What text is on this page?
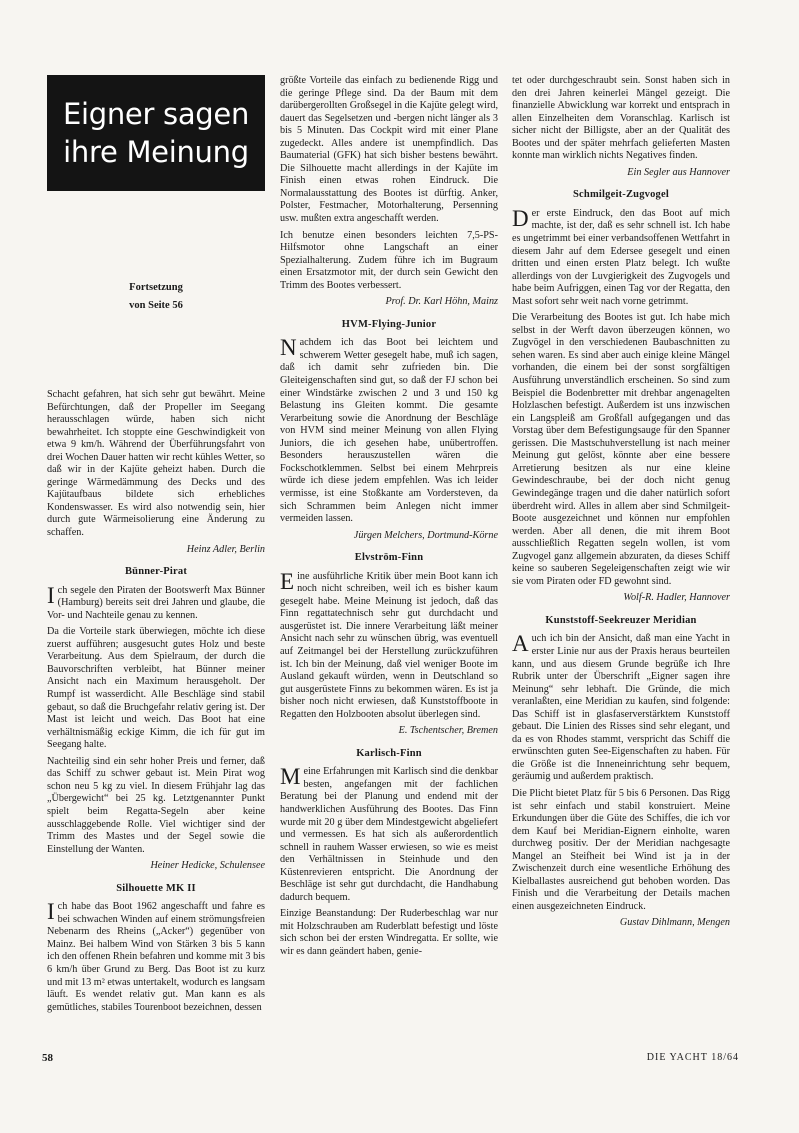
Eigner sagen
ihre Meinung
Fortsetzung
von Seite 56

Schacht gefahren, hat sich sehr gut bewährt. Meine Befürchtungen, daß der Propeller im Seegang herausschlagen würde, haben sich nicht bewahrheitet. Ich stoppte eine Geschwindigkeit von etwa 9 km/h. Während der Überführungsfahrt von drei Wochen Dauer hatten wir recht kühles Wetter, so daß wir in der Kajüte geheizt haben. Durch die geringe Wärmedämmung des Decks und des Kajütaufbaus bildete sich erhebliches Kondenswasser. Es wird also notwendig sein, hier durch gute Wärmeisolierung eine Änderung zu schaffen.

Heinz Adler, Berlin
Bünner-Pirat

Ich segele den Piraten der Bootswerft Max Bünner (Hamburg) bereits seit drei Jahren und glaube, die Vor- und Nachteile genau zu kennen.

Da die Vorteile stark überwiegen, möchte ich diese zuerst aufführen; ausgesucht gutes Holz und beste Verarbeitung. Aus dem Spielraum, der durch die Bauvorschriften verbleibt, hat Bünner meiner Ansicht nach ein Maximum herausgeholt. Der Rumpf ist wasserdicht. Alle Beschläge sind stabil gebaut, so daß die Bruchgefahr relativ gering ist. Der Mast ist leicht und weich. Das Boot hat eine verhältnismäßig eckige Kimm, die ich für gut im Seegang halte.

Nachteilig sind ein sehr hoher Preis und ferner, daß das Schiff zu schwer gebaut ist. Mein Pirat wog schon neu 5 kg zu viel. In diesem Frühjahr lag das „Übergewicht“ bei 25 kg. Letztgenannter Punkt spielt beim Regatta-Segeln aber keine ausschlaggebende Rolle. Viel wichtiger sind der Trimm des Mastes und der Segel sowie die Einstellung der Wanten.

Heiner Hedicke, Schulensee
Silhouette MK II

Ich habe das Boot 1962 angeschafft und fahre es bei schwachen Winden auf einem strömungsfreien Nebenarm des Rheins („Acker“) gegenüber von Mainz. Bei halbem Wind von Stärken 3 bis 5 kann ich den offenen Rhein befahren und komme mit 3 bis 6 km/h über Grund zu Berg. Das Boot ist zu kurz und mit 13 m² etwas untertakelt, wodurch es langsam läuft. Es wendet relativ gut. Man kann es als gemütliches, stabiles Tourenboot bezeichnen, dessen

größte Vorteile das einfach zu bedienende Rigg und die geringe Pflege sind. Da der Baum mit dem darübergerollten Großsegel in die Kajüte gelegt wird, dauert das Segelsetzen und -bergen nicht länger als 3 bis 5 Minuten. Das Cockpit wird mit einer Plane zugedeckt. Alles andere ist unempfindlich. Das Baumaterial (GFK) hat sich bisher bestens bewährt. Die Silhouette macht allerdings in der Kajüte im Finish einen etwas rohen Eindruck. Die Normalausstattung des Bootes ist dürftig. Anker, Polster, Festmacher, Motorhalterung, Persenning usw. mußten extra angeschafft werden.

Ich benutze einen besonders leichten 7,5-PS-Hilfsmotor ohne Langschaft an einer Spezialhalterung. Zudem führe ich im Bugraum einen Ersatzmotor mit, der durch sein Gewicht den Trimm des Bootes verbessert.

Prof. Dr. Karl Höhn, Mainz
HVM-Flying-Junior

Nachdem ich das Boot bei leichtem und schwerem Wetter gesegelt habe, muß ich sagen, daß ich damit sehr zufrieden bin. Die Gleiteigenschaften sind gut, so daß der FJ schon bei einer Windstärke zwischen 2 und 3 und 150 kg Belastung ins Gleiten kommt. Die gesamte Verarbeitung sowie die Anordnung der Beschläge von HVM sind meiner Meinung von allen Flying Juniors, die ich gesehen habe, unübertroffen. Besonders herauszustellen wären die Fockschotklemmen. Selbst bei einem Mehrpreis würde ich diese jedem empfehlen. Was ich leider vermisse, ist eine Stoßkante am Vordersteven, da sich Schrammen beim Anlegen nicht immer vermeiden lassen.

Jürgen Melchers, Dortmund-Körne
Elvström-Finn

Eine ausführliche Kritik über mein Boot kann ich noch nicht schreiben, weil ich es bisher kaum gesegelt habe. Meine Meinung ist jedoch, daß das Finn regattatechnisch sehr gut durchdacht und ausgerüstet ist. Die innere Verarbeitung läßt meiner Ansicht nach sehr zu wünschen übrig, was eventuell auf Zeitmangel bei der Herstellung zurückzuführen ist. Ich bin der Meinung, daß viel weniger Boote im Ausland gekauft würden, wenn in Deutschland so gut ausgerüstete Finns zu bekommen wären. Es ist ja bisher noch nicht erwiesen, daß Kunststoffboote in Regatten den Holzbooten absolut überlegen sind.

E. Tschentscher, Bremen
Karlisch-Finn

Meine Erfahrungen mit Karlisch sind die denkbar besten, angefangen mit der fachlichen Beratung bei der Planung und endend mit der handwerklichen Ausführung des Bootes. Das Finn wurde mit 20 g über dem Mindestgewicht abgeliefert und vermessen. Es hat sich als außerordentlich schnell in rauhem Wasser erwiesen, so wie es meist den Verhältnissen in Steinhude und den Küstenrevieren entspricht. Die Anordnung der Beschläge ist sehr gut durchdacht, die Handhabung dadurch bequem.

Einzige Beanstandung: Der Ruderbeschlag war nur mit Holzschrauben am Ruderblatt befestigt und löste sich schon bei der ersten Windregatta. Er sollte, wie wir es dann geändert haben, genie-

tet oder durchgeschraubt sein. Sonst haben sich in den drei Jahren keinerlei Mängel gezeigt. Die finanzielle Abwicklung war korrekt und entsprach in allen Einzelheiten dem Voranschlag. Karlisch ist sicher nicht der Billigste, aber an der Qualität des Bootes und der später mehrfach gelieferten Masten konnte man wirklich nichts Negatives finden.

Ein Segler aus Hannover
Schmilgeit-Zugvogel

Der erste Eindruck, den das Boot auf mich machte, ist der, daß es sehr schnell ist. Ich habe es ungetrimmt bei einer verbandsoffenen Wettfahrt in diesem Jahr auf dem Edersee gesegelt und einen dritten und einen ersten Platz belegt. Ich wußte allerdings von der Luvgierigkeit des Zugvogels und habe beim Aufriggen, einen Tag vor der Regatta, den Mast sofort sehr weit nach vorne getrimmt.

Die Verarbeitung des Bootes ist gut. Ich habe mich selbst in der Werft davon überzeugen können, wo Zugvögel in den verschiedenen Baubaschnitten zu sehen waren. Es sind aber auch einige kleine Mängel vorhanden, die einem bei der sonst sorgfältigen Ausführung unverständlich erscheinen. So sind zum Beispiel die Bodenbretter mit drehbar angenagelten Holzlaschen befestigt. Außerdem ist uns inzwischen ein Langspleiß am Großfall aufgegangen und das Vorstag über dem Befestigungsauge für den Spanner gerissen. Die Mastschuhverstellung ist nach meiner Meinung gut gelöst, könnte aber eine bessere Arretierung besitzen als nur eine kleine Gewindeschraube, bei der doch nicht genug Gewindegänge tragen und die daher natürlich sofort überdreht wird. Alles in allem aber sind Schmilgeit-Boote ausgezeichnet und können nur empfohlen werden. Aber all denen, die mit ihrem Boot ausschließlich Regatten segeln wollen, ist vom Zugvogel ganz allgemein abzuraten, da dieses Schiff keine so sauberen Segeleigenschaften zeigt wie wir sie vom Piraten oder FD gewohnt sind.

Wolf-R. Hadler, Hannover
Kunststoff-Seekreuzer Meridian

Auch ich bin der Ansicht, daß man eine Yacht in erster Linie nur aus der Praxis heraus beurteilen kann, und aus diesem Grunde begrüße ich Ihre Rubrik unter der Überschrift „Eigner sagen ihre Meinung“ sehr lebhaft. Die Gründe, die mich veranlaßten, eine Meridian zu kaufen, sind folgende: Das Schiff ist in glasfaserverstärktem Kunststoff gebaut. Die Linien des Risses sind sehr elegant, und da es von Rhodes stammt, verspricht das Schiff die erwünschten guten See-Eigenschaften zu haben. Für die Größe ist die Inneneinrichtung sehr bequem, geräumig und außerdem praktisch.

Die Plicht bietet Platz für 5 bis 6 Personen. Das Rigg ist sehr einfach und stabil konstruiert. Meine Erkundungen über die Güte des Schiffes, die ich vor dem Kauf bei Meridian-Eignern einholte, waren durchweg positiv. Der der Meridian nachgesagte Mangel an Steifheit bei Wind ist ja in der Zwischenzeit durch eine wesentliche Erhöhung des Kielballastes ausreichend gut behoben worden. Das Finish und die Verarbeitung der Details machen einen ausgezeichneten Eindruck.

Gustav Dihlmann, Mengen
58	DIE YACHT 18/64
